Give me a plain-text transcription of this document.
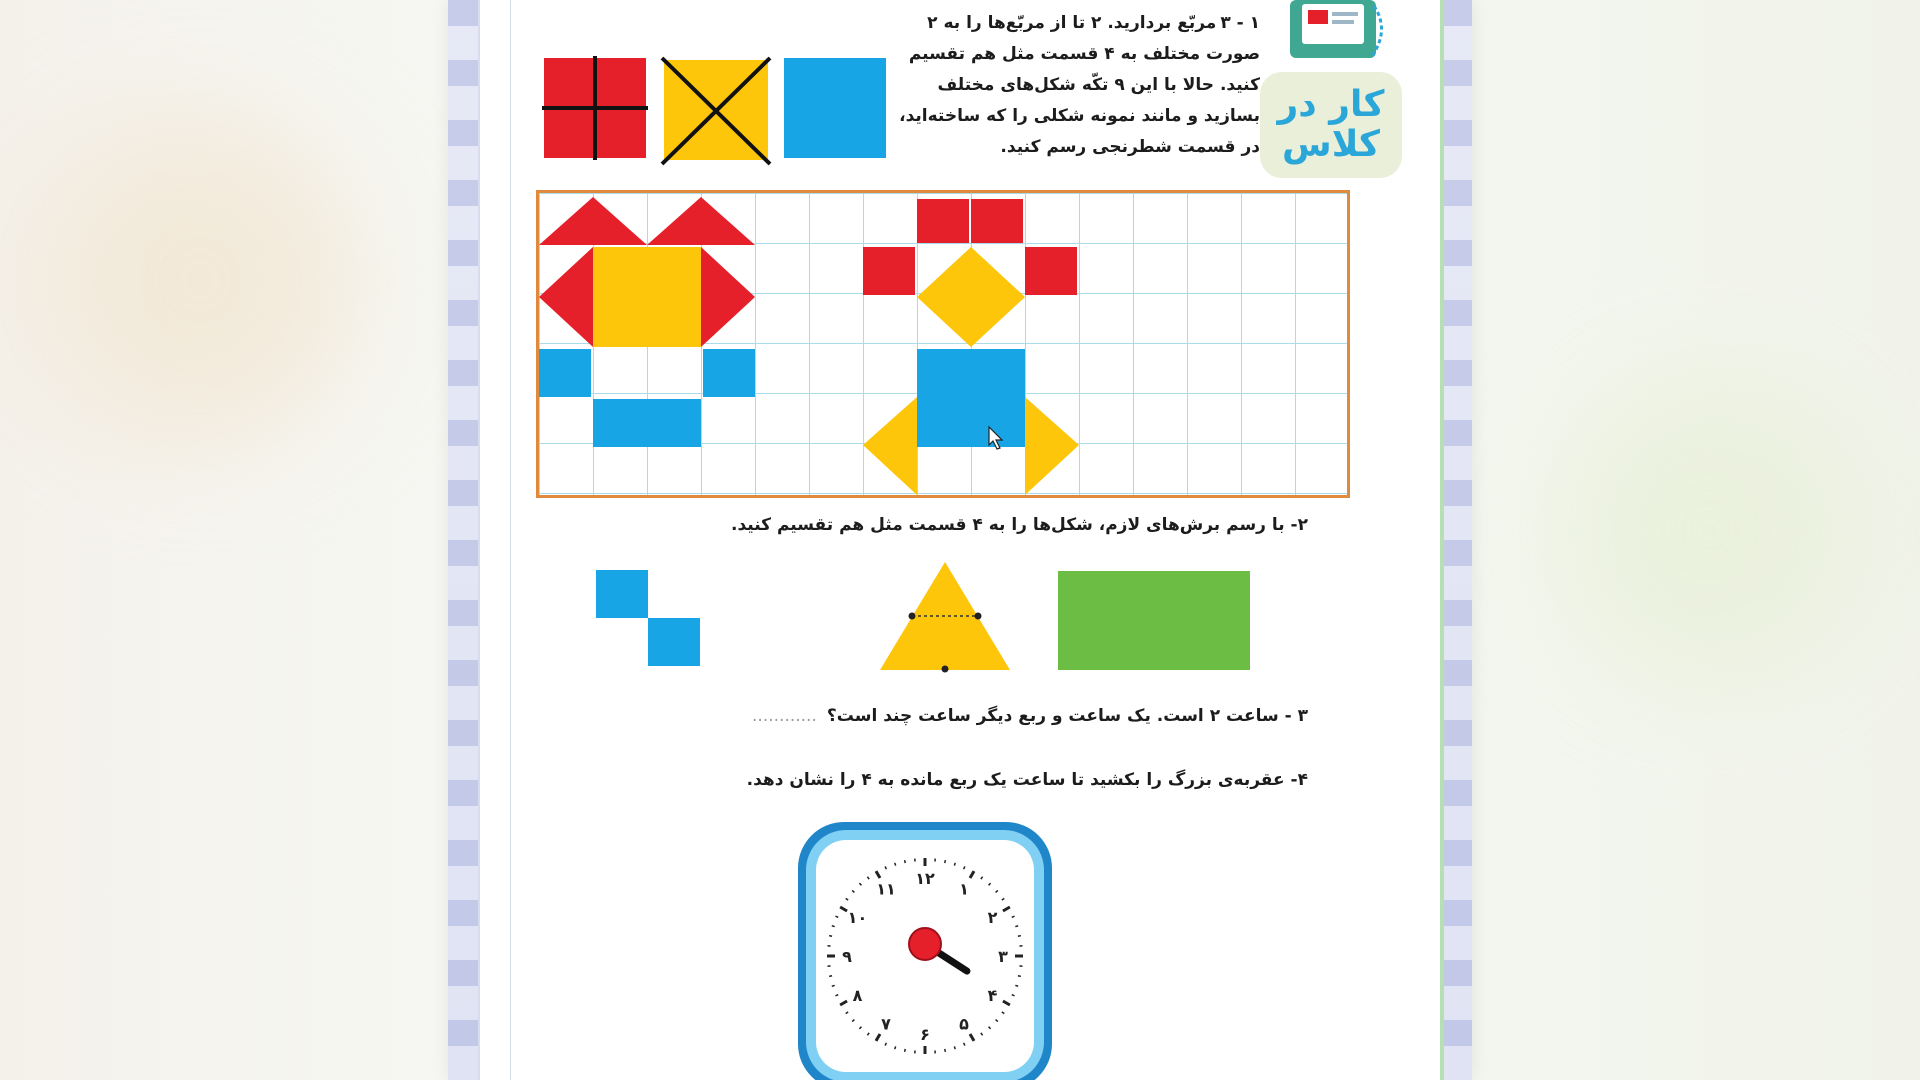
۱ - ۳مربّع بردارید. ۲ تا از مربّع‌ها را به ۲ صورت مختلف به ۴ قسمت مثل هم تقسیم
کنید. حالا با این ۹ تکّه شکل‌های مختلف
بسازید و مانند نمونه شکلی را که ساخته‌اید،
در قسمت شطرنجی رسم کنید.
کار در
کلاس
۲- با رسم برش‌های لازم، شکل‌ها را به ۴ قسمت مثل هم تقسیم کنید.
۳ - ساعت ۲ است. یک ساعت و ربع دیگر ساعت چند است؟............
۴- عقربه‌ی بزرگ را بکشید تا ساعت یک ربع مانده به ۴ را نشان دهد.
۱۲
۱
۲
۳
۴
۵
۶
۷
۸
۹
۱۰
۱۱
